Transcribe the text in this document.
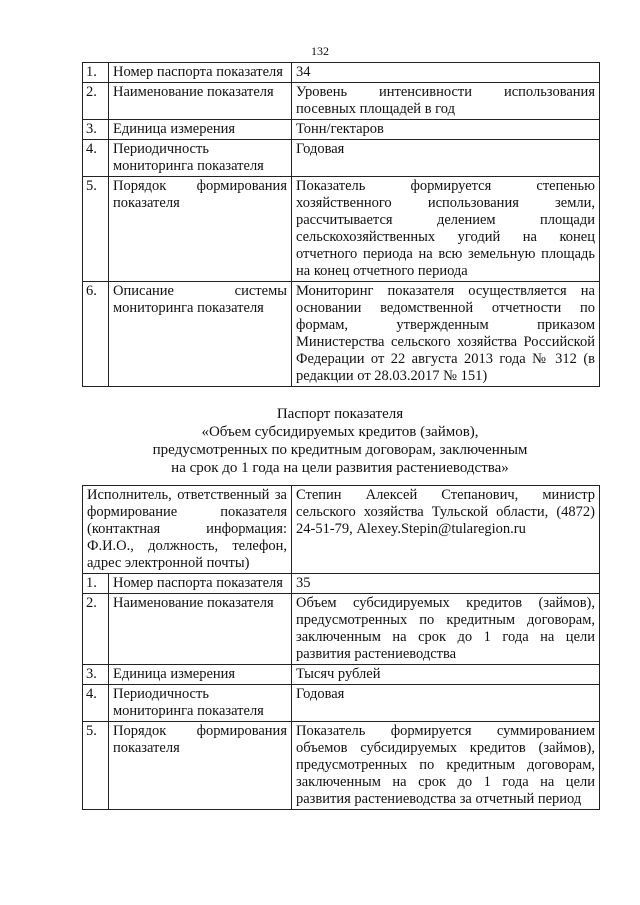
132
1.	Номер паспорта показателя	34
2.	Наименование показателя	Уровень интенсивности использования посевных площадей в год
3.	Единица измерения	Тонн/гектаров
4.	Периодичность мониторинга показателя	Годовая
5.	Порядок формирования показателя	Показатель формируется степенью хозяйственного использования земли, рассчитывается делением площади сельскохозяйственных угодий на конец отчетного периода на всю земельную площадь на конец отчетного периода
6.	Описание системы мониторинга показателя	Мониторинг показателя осуществляется на основании ведомственной отчетности по формам, утвержденным приказом Министерства сельского хозяйства Российской Федерации от 22 августа 2013 года № 312 (в редакции от 28.03.2017 № 151)
Паспорт показателя
«Объем субсидируемых кредитов (займов),
предусмотренных по кредитным договорам, заключенным
на срок до 1 года на цели развития растениеводства»
Исполнитель, ответственный за формирование показателя (контактная информация: Ф.И.О., должность, телефон, адрес электронной почты)		Степин Алексей Степанович, министр сельского хозяйства Тульской области, (4872) 24-51-79, Alexey.Stepin@tularegion.ru
1.	Номер паспорта показателя	35
2.	Наименование показателя	Объем субсидируемых кредитов (займов), предусмотренных по кредитным договорам, заключенным на срок до 1 года на цели развития растениеводства
3.	Единица измерения	Тысяч рублей
4.	Периодичность мониторинга показателя	Годовая
5.	Порядок формирования показателя	Показатель формируется суммированием объемов субсидируемых кредитов (займов), предусмотренных по кредитным договорам, заключенным на срок до 1 года на цели развития растениеводства за отчетный период
